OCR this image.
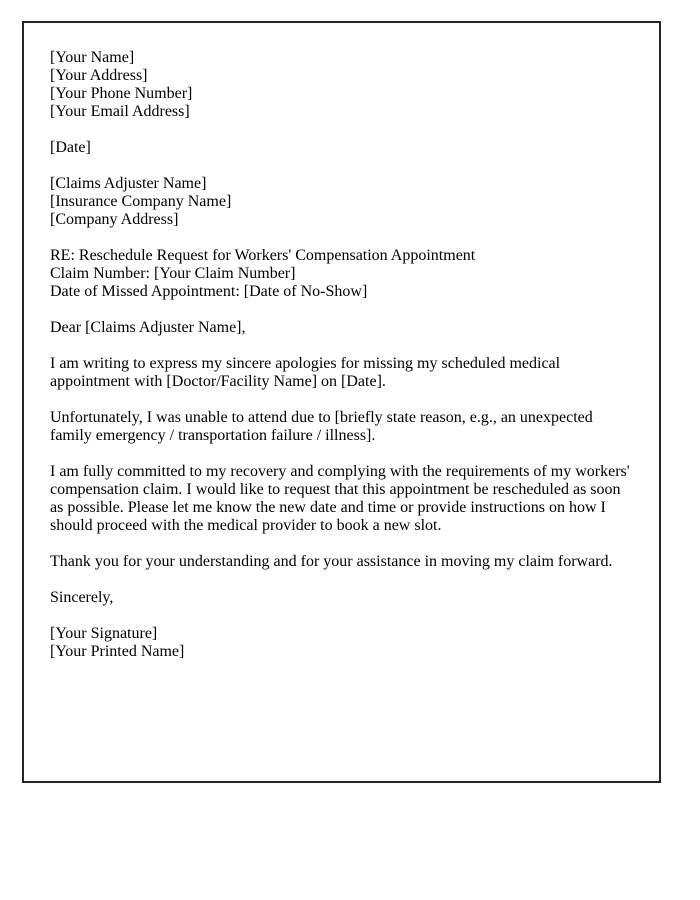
[Your Name]
[Your Address]
[Your Phone Number]
[Your Email Address]
[Date]
[Claims Adjuster Name]
[Insurance Company Name]
[Company Address]
RE: Reschedule Request for Workers' Compensation Appointment
Claim Number: [Your Claim Number]
Date of Missed Appointment: [Date of No-Show]
Dear [Claims Adjuster Name],
I am writing to express my sincere apologies for missing my scheduled medical appointment with [Doctor/Facility Name] on [Date].
Unfortunately, I was unable to attend due to [briefly state reason, e.g., an unexpected family emergency / transportation failure / illness].
I am fully committed to my recovery and complying with the requirements of my workers' compensation claim. I would like to request that this appointment be rescheduled as soon as possible. Please let me know the new date and time or provide instructions on how I should proceed with the medical provider to book a new slot.
Thank you for your understanding and for your assistance in moving my claim forward.
Sincerely,
[Your Signature]
[Your Printed Name]
